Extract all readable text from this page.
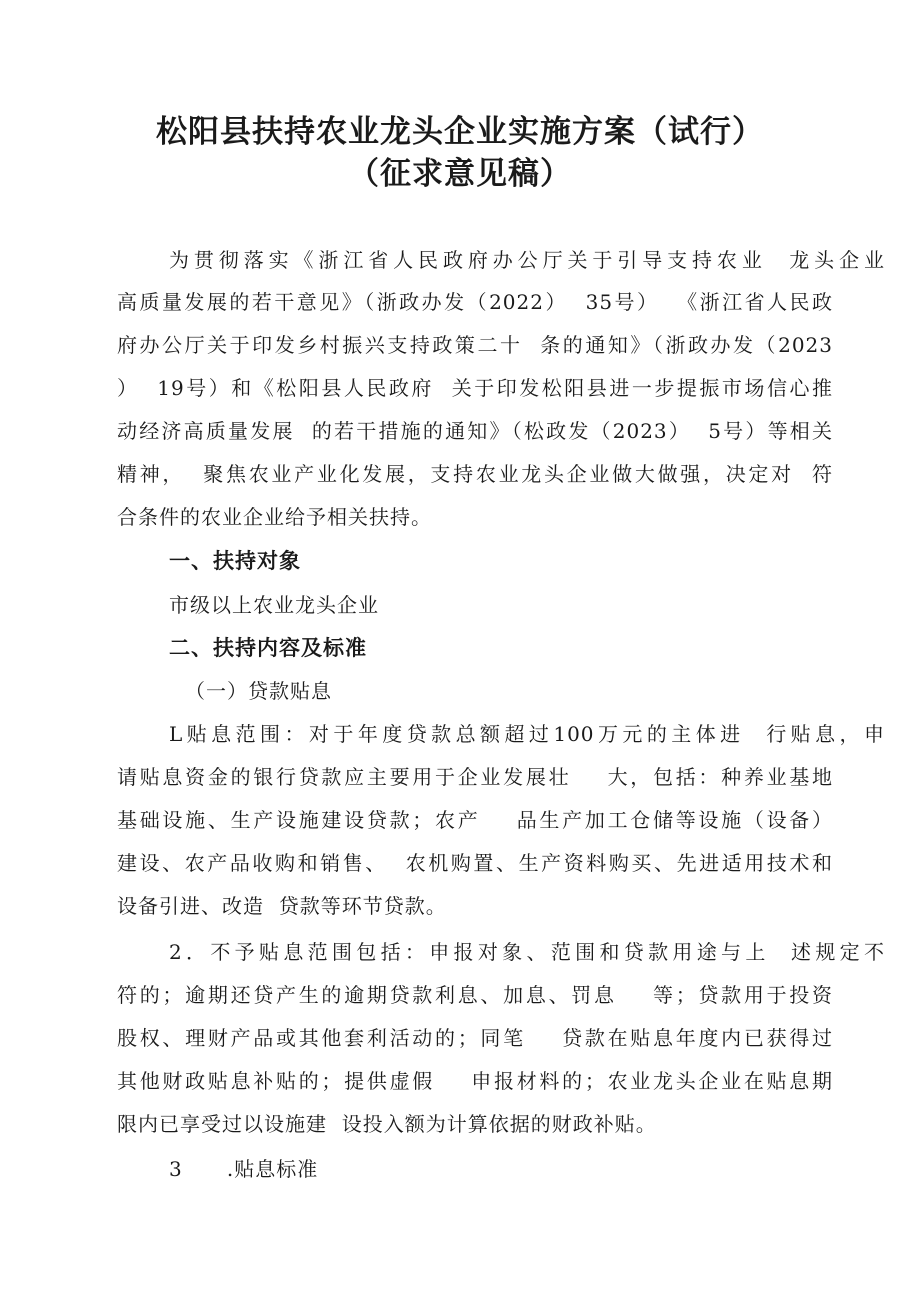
松阳县扶持农业龙头企业实施方案（试行）
（征求意见稿）
为贯彻落实《浙江省人民政府办公厅关于引导支持农业  龙头企业
高质量发展的若干意见》（浙政办发（2022）  35号）  《浙江省人民政
府办公厅关于印发乡村振兴支持政策二十  条的通知》（浙政办发（2023
）  19号）和《松阳县人民政府  关于印发松阳县进一步提振市场信心推
动经济高质量发展  的若干措施的通知》（松政发（2023）  5号）等相关
精神，  聚焦农业产业化发展，支持农业龙头企业做大做强，决定对  符
合条件的农业企业给予相关扶持。
一、扶持对象
市级以上农业龙头企业
二、扶持内容及标准
（一）贷款贴息
L贴息范围：对于年度贷款总额超过100万元的主体进  行贴息，申
请贴息资金的银行贷款应主要用于企业发展壮    大，包括：种养业基地
基础设施、生产设施建设贷款；农产    品生产加工仓储等设施（设备）
建设、农产品收购和销售、  农机购置、生产资料购买、先进适用技术和
设备引进、改造  贷款等环节贷款。
2．不予贴息范围包括：申报对象、范围和贷款用途与上  述规定不
符的；逾期还贷产生的逾期贷款利息、加息、罚息    等；贷款用于投资
股权、理财产品或其他套利活动的；同笔    贷款在贴息年度内已获得过
其他财政贴息补贴的；提供虚假    申报材料的；农业龙头企业在贴息期
限内已享受过以设施建  设投入额为计算依据的财政补贴。
3      .贴息标准
